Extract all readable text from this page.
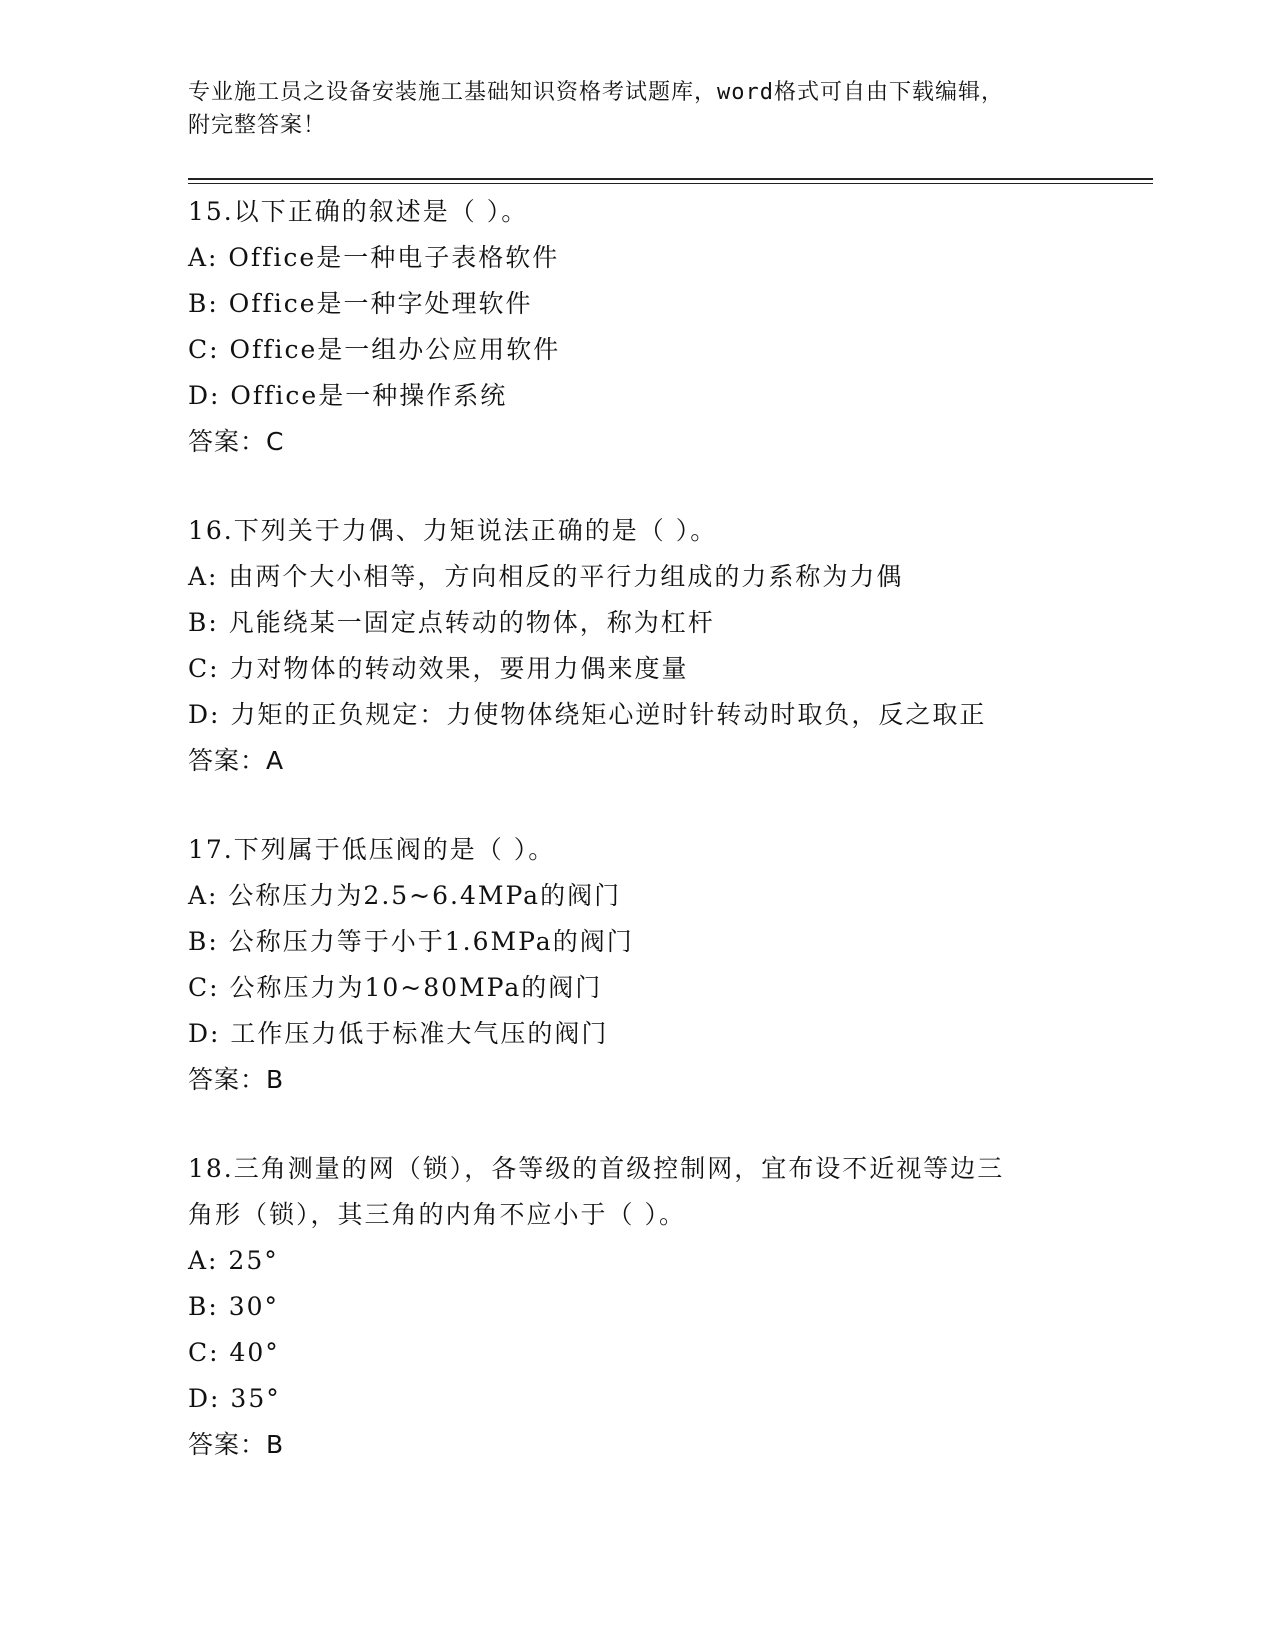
专业施工员之设备安装施工基础知识资格考试题库，word格式可自由下载编辑，
附完整答案！

15.以下正确的叙述是（ ）。

A: Office是一种电子表格软件

B: Office是一种字处理软件

C: Office是一组办公应用软件

D: Office是一种操作系统

答案：C

16.下列关于力偶、力矩说法正确的是（ ）。

A: 由两个大小相等，方向相反的平行力组成的力系称为力偶

B: 凡能绕某一固定点转动的物体，称为杠杆

C: 力对物体的转动效果，要用力偶来度量

D: 力矩的正负规定：力使物体绕矩心逆时针转动时取负，反之取正

答案：A

17.下列属于低压阀的是（ ）。

A: 公称压力为2.5~6.4MPa的阀门

B: 公称压力等于小于1.6MPa的阀门

C: 公称压力为10~80MPa的阀门

D: 工作压力低于标准大气压的阀门

答案：B

18.三角测量的网（锁），各等级的首级控制网，宜布设不近视等边三

角形（锁），其三角的内角不应小于（ ）。

A: 25°

B: 30°

C: 40°

D: 35°

答案：B
